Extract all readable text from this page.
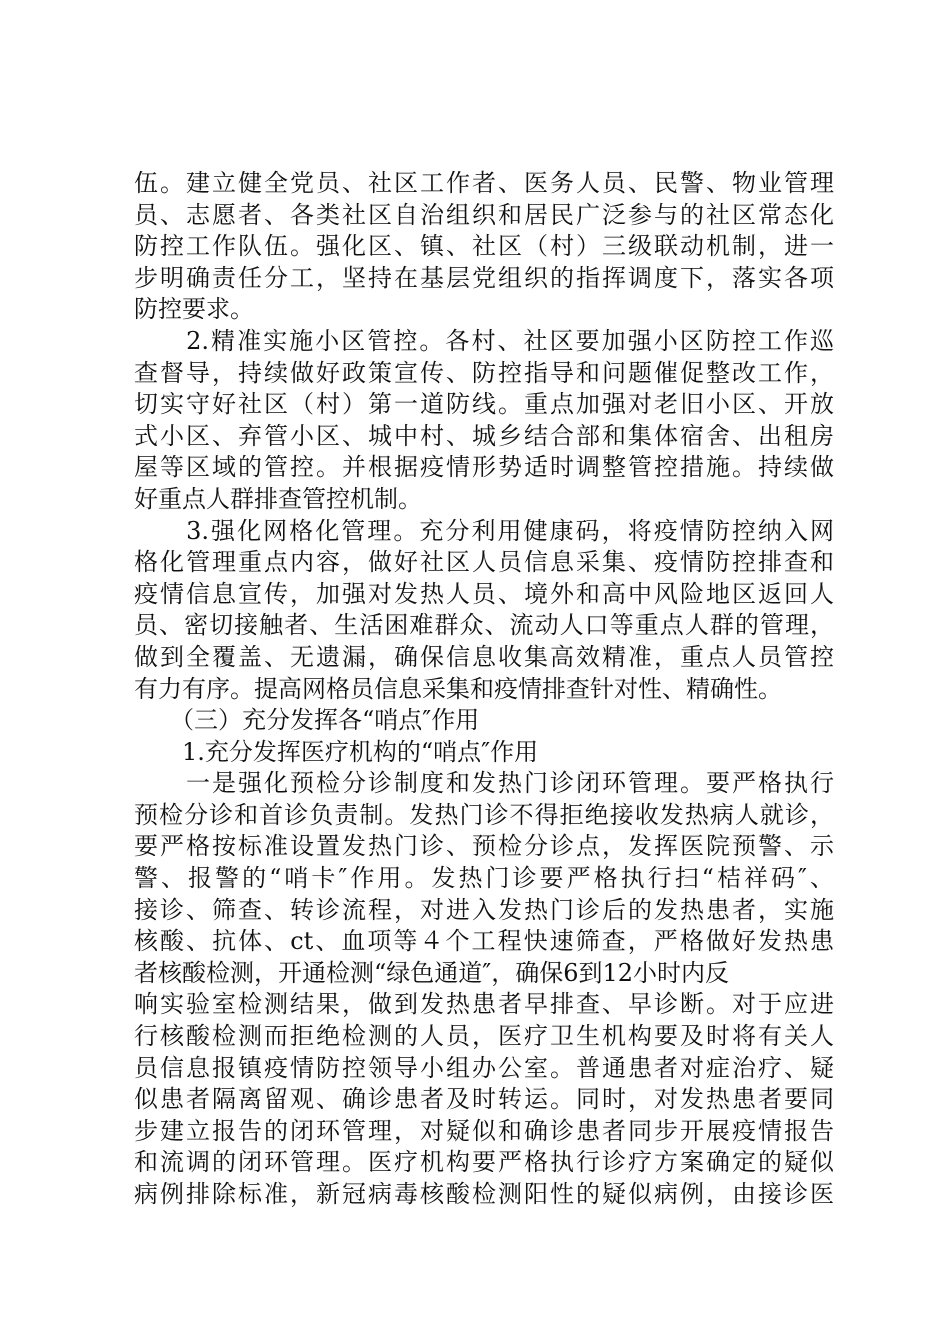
伍。建立健全党员、社区工作者、医务人员、民警、物业管理
员、志愿者、各类社区自治组织和居民广泛参与的社区常态化
防控工作队伍。强化区、镇、社区（村）三级联动机制，进一
步明确责任分工，坚持在基层党组织的指挥调度下，落实各项
防控要求。
　　2.精准实施小区管控。各村、社区要加强小区防控工作巡
查督导，持续做好政策宣传、防控指导和问题催促整改工作，
切实守好社区（村）第一道防线。重点加强对老旧小区、开放
式小区、弃管小区、城中村、城乡结合部和集体宿舍、出租房
屋等区域的管控。并根据疫情形势适时调整管控措施。持续做
好重点人群排查管控机制。
　　3.强化网格化管理。充分利用健康码，将疫情防控纳入网
格化管理重点内容，做好社区人员信息采集、疫情防控排查和
疫情信息宣传，加强对发热人员、境外和高中风险地区返回人
员、密切接触者、生活困难群众、流动人口等重点人群的管理，
做到全覆盖、无遗漏，确保信息收集高效精准，重点人员管控
有力有序。提高网格员信息采集和疫情排查针对性、精确性。
　　（三）充分发挥各“哨点″作用
　　1.充分发挥医疗机构的“哨点″作用
　　一是强化预检分诊制度和发热门诊闭环管理。要严格执行
预检分诊和首诊负责制。发热门诊不得拒绝接收发热病人就诊，
要严格按标准设置发热门诊、预检分诊点，发挥医院预警、示
警、报警的“哨卡″作用。发热门诊要严格执行扫“桔祥码″、
接诊、筛查、转诊流程，对进入发热门诊后的发热患者，实施
核酸、抗体、ct、血项等４个工程快速筛查，严格做好发热患
者核酸检测，开通检测“绿色通道″，确保6到12小时内反
响实验室检测结果，做到发热患者早排查、早诊断。对于应进
行核酸检测而拒绝检测的人员，医疗卫生机构要及时将有关人
员信息报镇疫情防控领导小组办公室。普通患者对症治疗、疑
似患者隔离留观、确诊患者及时转运。同时，对发热患者要同
步建立报告的闭环管理，对疑似和确诊患者同步开展疫情报告
和流调的闭环管理。医疗机构要严格执行诊疗方案确定的疑似
病例排除标准，新冠病毒核酸检测阳性的疑似病例，由接诊医
